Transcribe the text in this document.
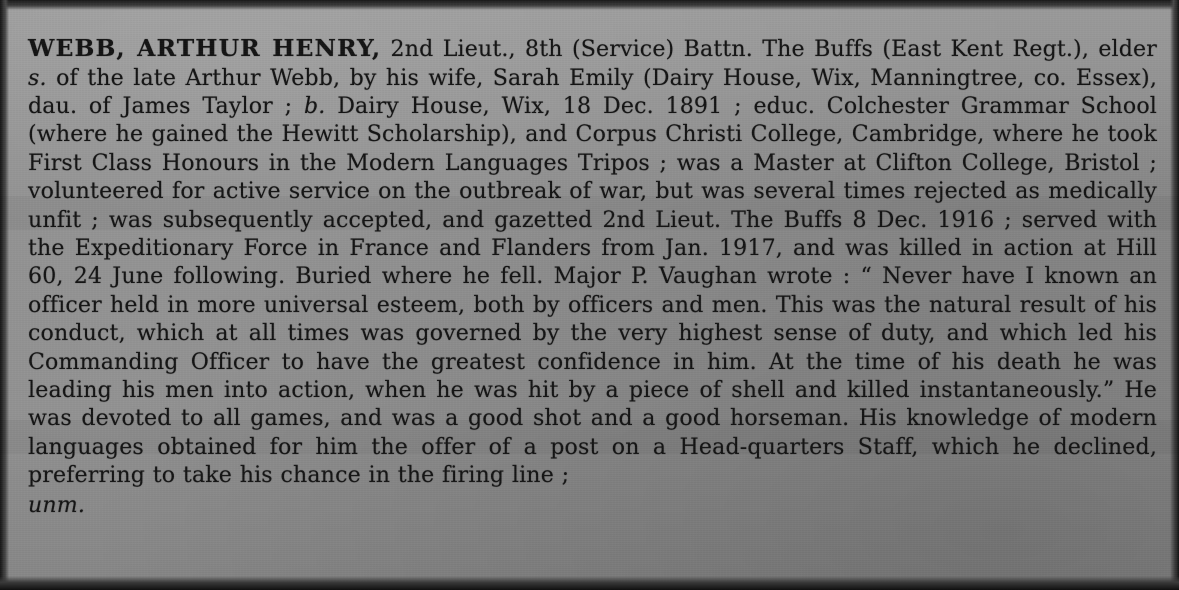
WEBB, ARTHUR HENRY, 2nd Lieut., 8th (Service) Battn. The Buffs (East Kent Regt.), elder s. of the late Arthur Webb, by his wife, Sarah Emily (Dairy House, Wix, Manningtree, co. Essex), dau. of James Taylor ; b. Dairy House, Wix, 18 Dec. 1891 ; educ. Colchester Grammar School (where he gained the Hewitt Scholarship), and Corpus Christi College, Cambridge, where he took First Class Honours in the Modern Languages Tripos ; was a Master at Clifton College, Bristol ; volunteered for active service on the outbreak of war, but was several times rejected as medically unfit ; was subsequently accepted, and gazetted 2nd Lieut. The Buffs 8 Dec. 1916 ; served with the Expeditionary Force in France and Flanders from Jan. 1917, and was killed in action at Hill 60, 24 June following. Buried where he fell. Major P. Vaughan wrote : “ Never have I known an officer held in more universal esteem, both by officers and men. This was the natural result of his conduct, which at all times was governed by the very highest sense of duty, and which led his Commanding Officer to have the greatest confidence in him. At the time of his death he was leading his men into action, when he was hit by a piece of shell and killed instantaneously.” He was devoted to all games, and was a good shot and a good horseman. His knowledge of modern languages obtained for him the offer of a post on a Head-quarters Staff, which he declined, preferring to take his chance in the firing line ;
unm.
